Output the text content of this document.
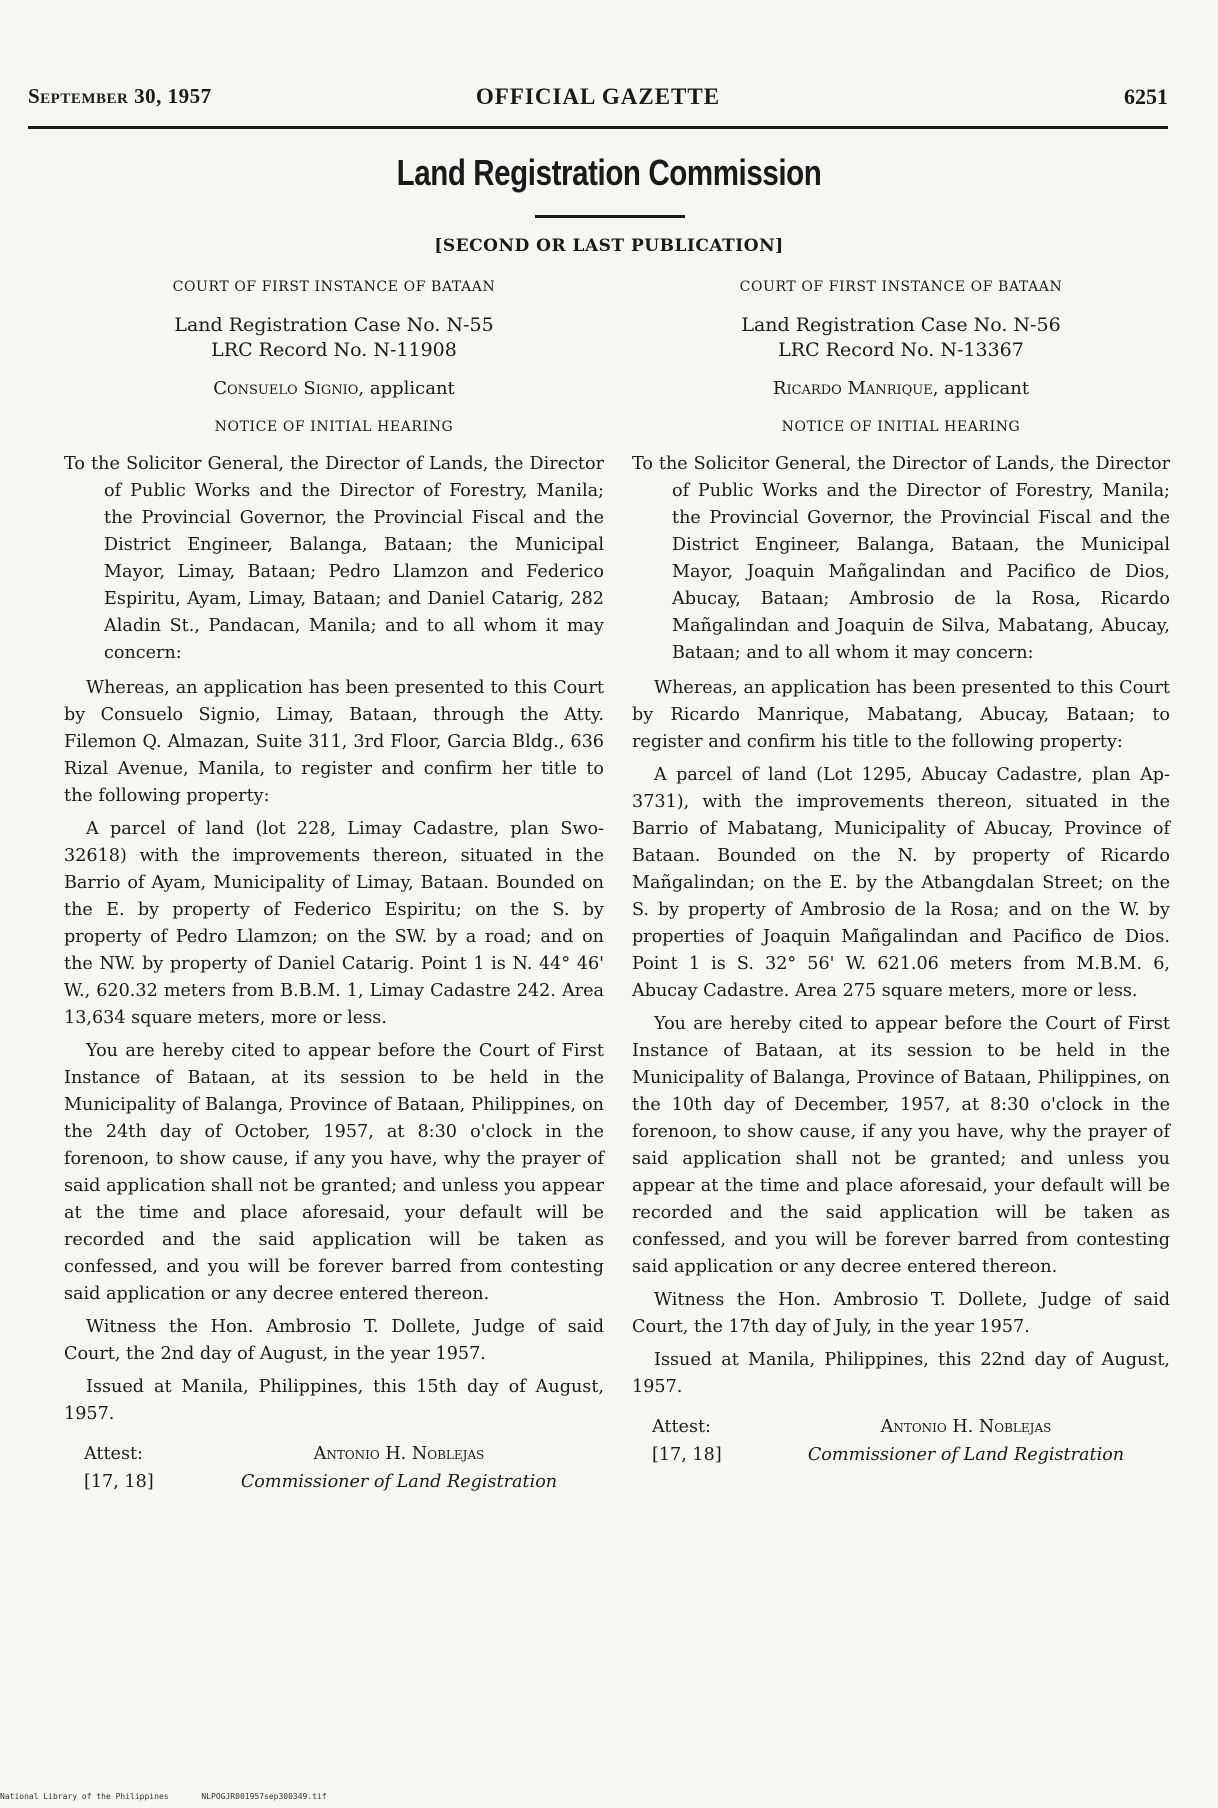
September 30, 1957	OFFICIAL GAZETTE	6251
Land Registration Commission
[SECOND OR LAST PUBLICATION]
COURT OF FIRST INSTANCE OF BATAAN
Land Registration Case No. N-55
LRC Record No. N-11908
Consuelo Signio, applicant
NOTICE OF INITIAL HEARING

To the Solicitor General, the Director of Lands, the Director of Public Works and the Director of Forestry, Manila; the Provincial Governor, the Provincial Fiscal and the District Engineer, Balanga, Bataan; the Municipal Mayor, Limay, Bataan; Pedro Llamzon and Federico Espiritu, Ayam, Limay, Bataan; and Daniel Catarig, 282 Aladin St., Pandacan, Manila; and to all whom it may concern:

Whereas, an application has been presented to this Court by Consuelo Signio, Limay, Bataan, through the Atty. Filemon Q. Almazan, Suite 311, 3rd Floor, Garcia Bldg., 636 Rizal Avenue, Manila, to register and confirm her title to the following property:

A parcel of land (lot 228, Limay Cadastre, plan Swo-32618) with the improvements thereon, situated in the Barrio of Ayam, Municipality of Limay, Bataan. Bounded on the E. by property of Federico Espiritu; on the S. by property of Pedro Llamzon; on the SW. by a road; and on the NW. by property of Daniel Catarig. Point 1 is N. 44° 46' W., 620.32 meters from B.B.M. 1, Limay Cadastre 242. Area 13,634 square meters, more or less.

You are hereby cited to appear before the Court of First Instance of Bataan, at its session to be held in the Municipality of Balanga, Province of Bataan, Philippines, on the 24th day of October, 1957, at 8:30 o'clock in the forenoon, to show cause, if any you have, why the prayer of said application shall not be granted; and unless you appear at the time and place aforesaid, your default will be recorded and the said application will be taken as confessed, and you will be forever barred from contesting said application or any decree entered thereon.

Witness the Hon. Ambrosio T. Dollete, Judge of said Court, the 2nd day of August, in the year 1957.

Issued at Manila, Philippines, this 15th day of August, 1957.

Attest:	Antonio H. Noblejas
[17, 18]	Commissioner of Land Registration
COURT OF FIRST INSTANCE OF BATAAN
Land Registration Case No. N-56
LRC Record No. N-13367
Ricardo Manrique, applicant
NOTICE OF INITIAL HEARING

To the Solicitor General, the Director of Lands, the Director of Public Works and the Director of Forestry, Manila; the Provincial Governor, the Provincial Fiscal and the District Engineer, Balanga, Bataan, the Municipal Mayor, Joaquin Mañgalindan and Pacifico de Dios, Abucay, Bataan; Ambrosio de la Rosa, Ricardo Mañgalindan and Joaquin de Silva, Mabatang, Abucay, Bataan; and to all whom it may concern:

Whereas, an application has been presented to this Court by Ricardo Manrique, Mabatang, Abucay, Bataan; to register and confirm his title to the following property:

A parcel of land (Lot 1295, Abucay Cadastre, plan Ap-3731), with the improvements thereon, situated in the Barrio of Mabatang, Municipality of Abucay, Province of Bataan. Bounded on the N. by property of Ricardo Mañgalindan; on the E. by the Atbangdalan Street; on the S. by property of Ambrosio de la Rosa; and on the W. by properties of Joaquin Mañgalindan and Pacifico de Dios. Point 1 is S. 32° 56' W. 621.06 meters from M.B.M. 6, Abucay Cadastre. Area 275 square meters, more or less.

You are hereby cited to appear before the Court of First Instance of Bataan, at its session to be held in the Municipality of Balanga, Province of Bataan, Philippines, on the 10th day of December, 1957, at 8:30 o'clock in the forenoon, to show cause, if any you have, why the prayer of said application shall not be granted; and unless you appear at the time and place aforesaid, your default will be recorded and the said application will be taken as confessed, and you will be forever barred from contesting said application or any decree entered thereon.

Witness the Hon. Ambrosio T. Dollete, Judge of said Court, the 17th day of July, in the year 1957.

Issued at Manila, Philippines, this 22nd day of August, 1957.

Attest:	Antonio H. Noblejas
[17, 18]	Commissioner of Land Registration
National Library of the Philippines	NLPOGJR001957sep300349.tif
